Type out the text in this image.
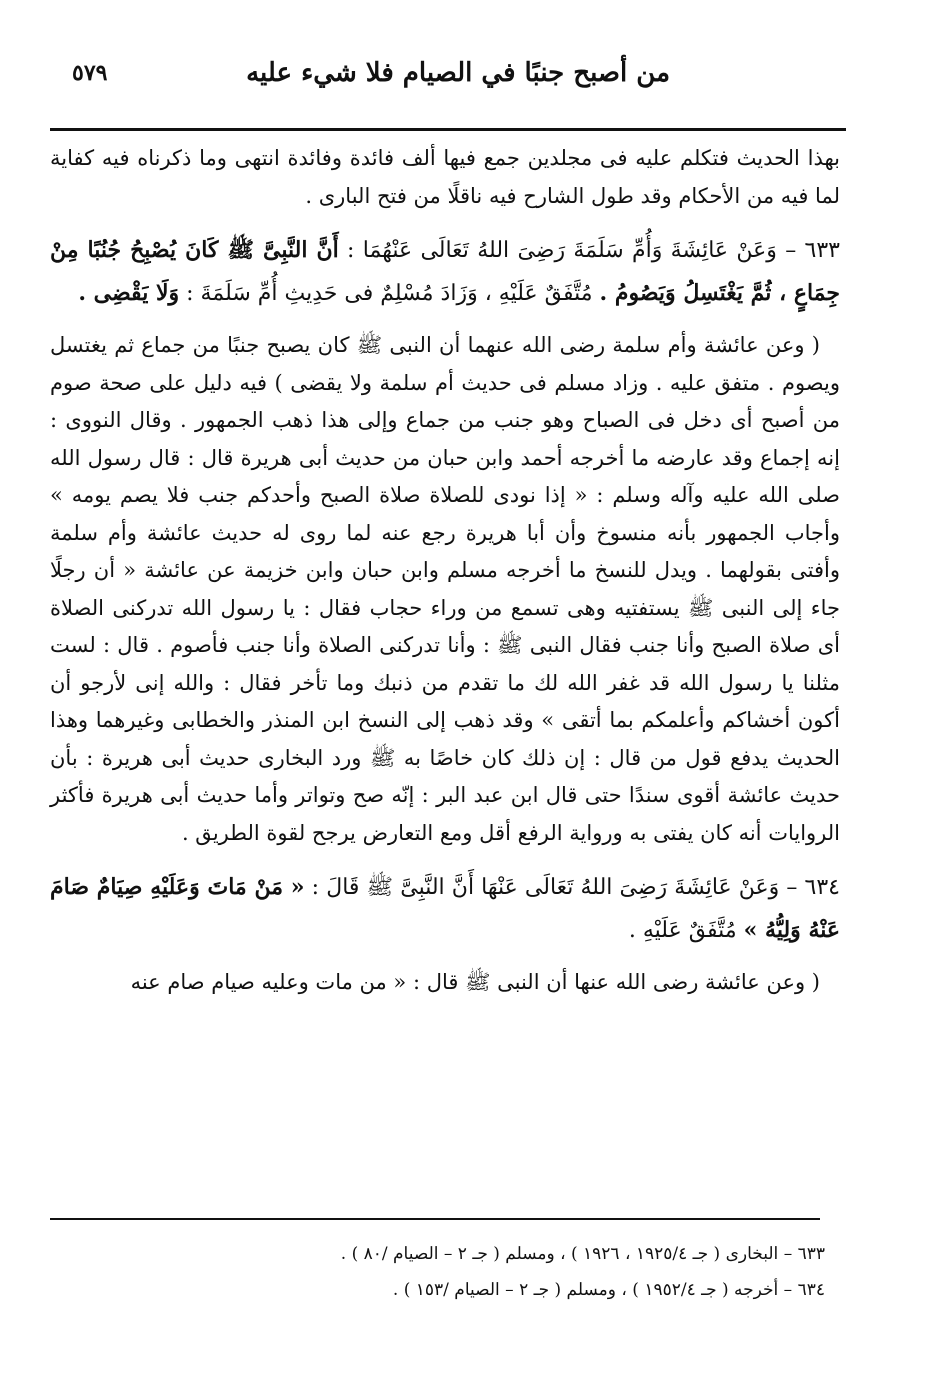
٥٧٩	من أصبح جنبًا في الصيام فلا شيء عليه

بهذا الحديث فتكلم عليه فى مجلدين جمع فيها ألف فائدة وفائدة انتهى وما ذكرناه فيه كفاية لما فيه من الأحكام وقد طول الشارح فيه ناقلًا من فتح البارى .

٦٣٣ – وَعَنْ عَائِشَةَ وَأُمِّ سَلَمَةَ رَضِىَ اللهُ تَعَالَى عَنْهُمَا : أَنَّ النَّبِىَّ ﷺ كَانَ يُصْبِحُ جُنُبًا مِنْ جِمَاعٍ ، ثُمَّ يَغْتَسِلُ وَيَصُومُ . مُتَّفَقٌ عَلَيْهِ ، وَزَادَ مُسْلِمٌ فى حَدِيثِ أُمِّ سَلَمَةَ : وَلَا يَقْضِى .

( وعن عائشة وأم سلمة رضى الله عنهما أن النبى ﷺ كان يصبح جنبًا من جماع ثم يغتسل ويصوم . متفق عليه . وزاد مسلم فى حديث أم سلمة ولا يقضى ) فيه دليل على صحة صوم من أصبح أى دخل فى الصباح وهو جنب من جماع وإلى هذا ذهب الجمهور . وقال النووى : إنه إجماع وقد عارضه ما أخرجه أحمد وابن حبان من حديث أبى هريرة قال : قال رسول الله صلى الله عليه وآله وسلم : « إذا نودى للصلاة صلاة الصبح وأحدكم جنب فلا يصم يومه » وأجاب الجمهور بأنه منسوخ وأن أبا هريرة رجع عنه لما روى له حديث عائشة وأم سلمة وأفتى بقولهما . ويدل للنسخ ما أخرجه مسلم وابن حبان وابن خزيمة عن عائشة « أن رجلًا جاء إلى النبى ﷺ يستفتيه وهى تسمع من وراء حجاب فقال : يا رسول الله تدركنى الصلاة أى صلاة الصبح وأنا جنب فقال النبى ﷺ : وأنا تدركنى الصلاة وأنا جنب فأصوم . قال : لست مثلنا يا رسول الله قد غفر الله لك ما تقدم من ذنبك وما تأخر فقال : والله إنى لأرجو أن أكون أخشاكم وأعلمكم بما أتقى » وقد ذهب إلى النسخ ابن المنذر والخطابى وغيرهما وهذا الحديث يدفع قول من قال : إن ذلك كان خاصًا به ﷺ ورد البخارى حديث أبى هريرة : بأن حديث عائشة أقوى سندًا حتى قال ابن عبد البر : إنّه صح وتواتر وأما حديث أبى هريرة فأكثر الروايات أنه كان يفتى به ورواية الرفع أقل ومع التعارض يرجح لقوة الطريق .

٦٣٤ – وَعَنْ عَائِشَةَ رَضِىَ اللهُ تَعَالَى عَنْهَا أَنَّ النَّبِىَّ ﷺ قَالَ : « مَنْ مَاتَ وَعَلَيْهِ صِيَامٌ صَامَ عَنْهُ وَلِيُّهُ » مُتَّفَقٌ عَلَيْهِ .

( وعن عائشة رضى الله عنها أن النبى ﷺ قال : « من مات وعليه صيام صام عنه

٦٣٣ – البخارى ( جـ ١٩٢٥/٤ ، ١٩٢٦ ) ، ومسلم ( جـ ٢ – الصيام /٨٠ ) .

٦٣٤ – أخرجه ( جـ ١٩٥٢/٤ ) ، ومسلم ( جـ ٢ – الصيام /١٥٣ ) .
